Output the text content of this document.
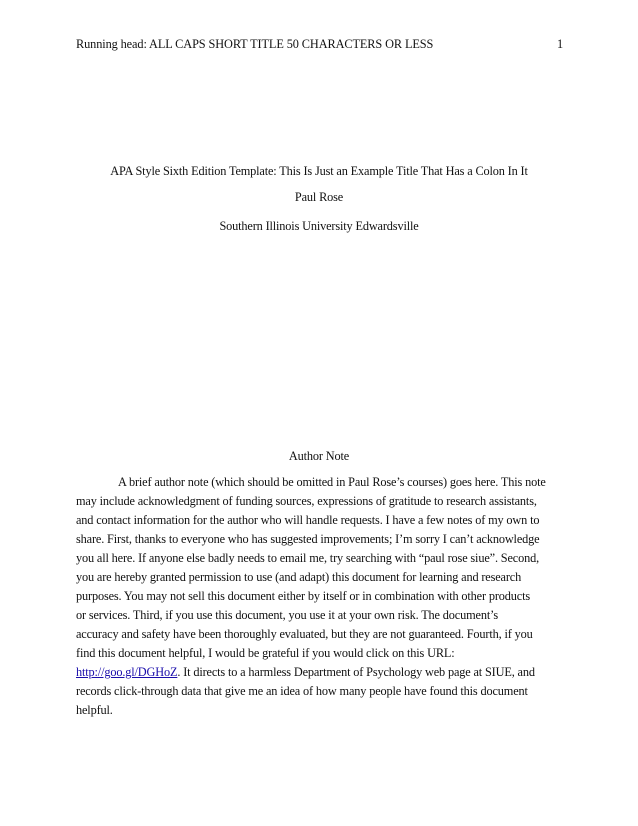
Running head: ALL CAPS SHORT TITLE 50 CHARACTERS OR LESS	1
APA Style Sixth Edition Template: This Is Just an Example Title That Has a Colon In It
Paul Rose
Southern Illinois University Edwardsville
Author Note
A brief author note (which should be omitted in Paul Rose’s courses) goes here. This note
may include acknowledgment of funding sources, expressions of gratitude to research assistants,
and contact information for the author who will handle requests. I have a few notes of my own to
share. First, thanks to everyone who has suggested improvements; I’m sorry I can’t acknowledge
you all here. If anyone else badly needs to email me, try searching with “paul rose siue”. Second,
you are hereby granted permission to use (and adapt) this document for learning and research
purposes. You may not sell this document either by itself or in combination with other products
or services. Third, if you use this document, you use it at your own risk. The document’s
accuracy and safety have been thoroughly evaluated, but they are not guaranteed. Fourth, if you
find this document helpful, I would be grateful if you would click on this URL:
http://goo.gl/DGHoZ. It directs to a harmless Department of Psychology web page at SIUE, and
records click-through data that give me an idea of how many people have found this document
helpful.
